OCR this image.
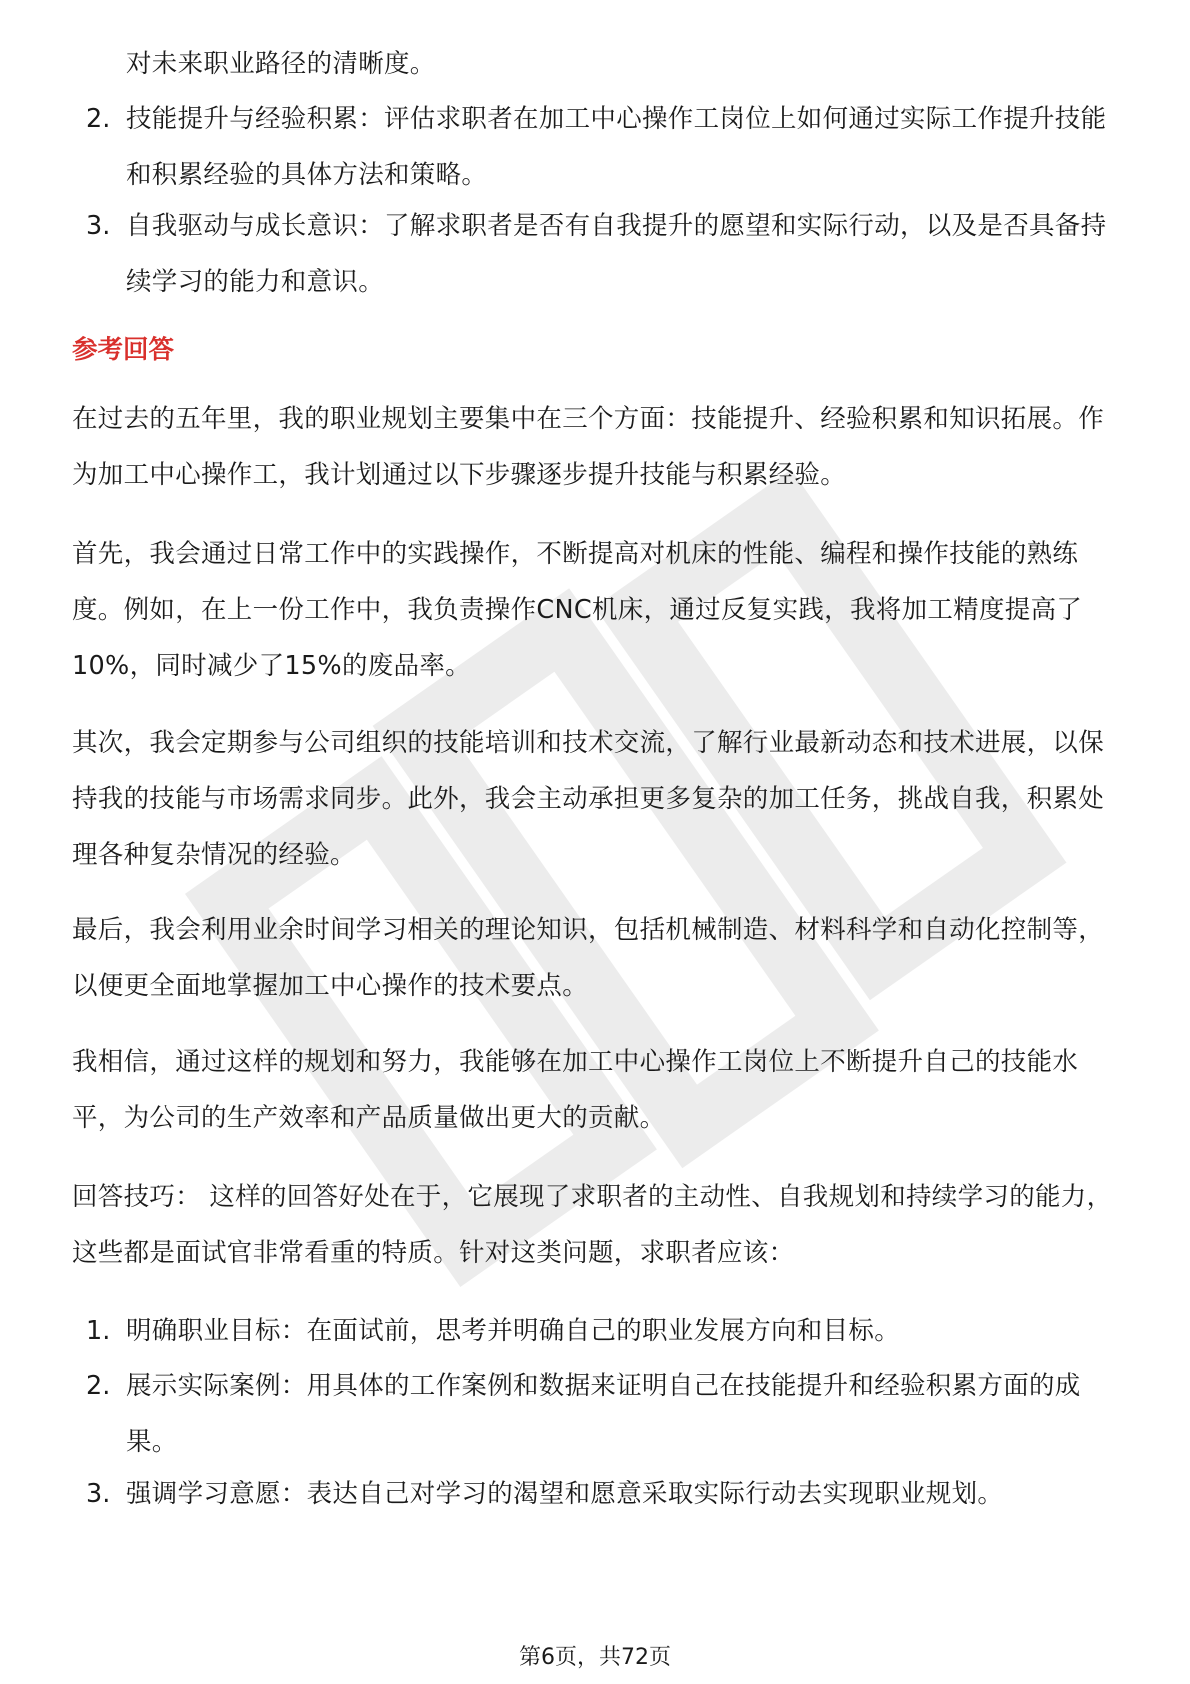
对未来职业路径的清晰度。
2. 技能提升与经验积累：评估求职者在加工中心操作工岗位上如何通过实际工作提升技能和积累经验的具体方法和策略。
3. 自我驱动与成长意识：了解求职者是否有自我提升的愿望和实际行动，以及是否具备持续学习的能力和意识。
参考回答
在过去的五年里，我的职业规划主要集中在三个方面：技能提升、经验积累和知识拓展。作为加工中心操作工，我计划通过以下步骤逐步提升技能与积累经验。
首先，我会通过日常工作中的实践操作，不断提高对机床的性能、编程和操作技能的熟练度。例如，在上一份工作中，我负责操作CNC机床，通过反复实践，我将加工精度提高了10%，同时减少了15%的废品率。
其次，我会定期参与公司组织的技能培训和技术交流，了解行业最新动态和技术进展，以保持我的技能与市场需求同步。此外，我会主动承担更多复杂的加工任务，挑战自我，积累处理各种复杂情况的经验。
最后，我会利用业余时间学习相关的理论知识，包括机械制造、材料科学和自动化控制等，以便更全面地掌握加工中心操作的技术要点。
我相信，通过这样的规划和努力，我能够在加工中心操作工岗位上不断提升自己的技能水平，为公司的生产效率和产品质量做出更大的贡献。
回答技巧： 这样的回答好处在于，它展现了求职者的主动性、自我规划和持续学习的能力，这些都是面试官非常看重的特质。针对这类问题，求职者应该：
1. 明确职业目标：在面试前，思考并明确自己的职业发展方向和目标。
2. 展示实际案例：用具体的工作案例和数据来证明自己在技能提升和经验积累方面的成果。
3. 强调学习意愿：表达自己对学习的渴望和愿意采取实际行动去实现职业规划。
第6页，共72页
